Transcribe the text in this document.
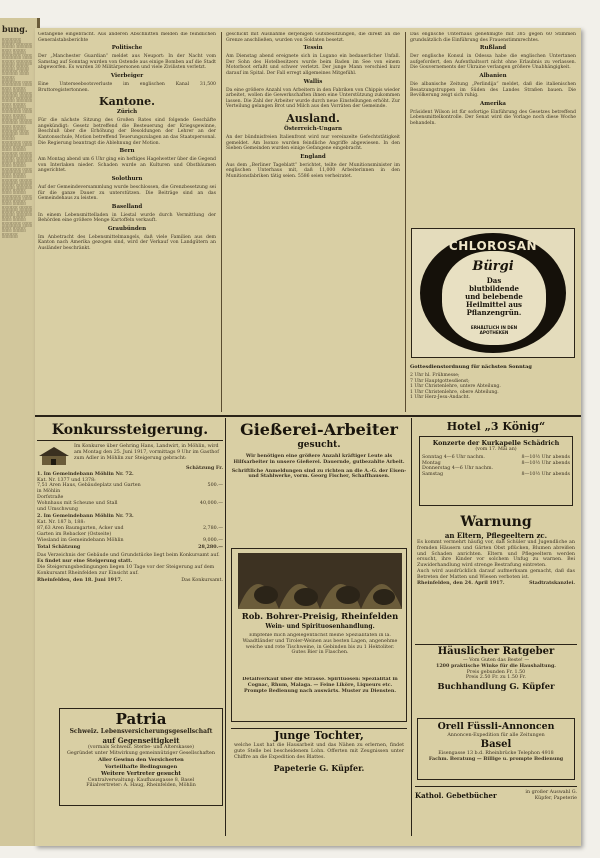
bung.
░░░░░░ ░░░░ ░░░░░ ░░░ ░░░░ ░░░░░░ ░░░ ░░░░ ░░░░░ ░░░░ ░░░░ ░░░░░ ░░░ ░░░░ ░░░░░░ ░░░ ░░░ ░░░░ ░░░░░ ░░░░ ░░░░ ░░░░░ ░░░ ░░░░ ░░░░░░ ░░░ ░░░ ░░░░ ░░░░░ ░░░░ ░░░ ░░░░ ░░░░░ ░░░ ░░░░ ░░░░░░ ░░░ ░░░ ░░░░ ░░░░░ ░░░░ ░░░░ ░░░░░ ░░░ ░░░░ ░░░░░░ ░░░ ░░░ ░░░░ ░░░░░ ░░░░ ░░░░ ░░░░░ ░░░ ░░░░ ░░░░░░ ░░░ ░░░ ░░░░ ░░░░░ ░░░░ ░░░░ ░░░░░ ░░░ ░░░░ ░░░░░░ ░░░ ░░░ ░░░░ ░░░░░

Gefangene eingebracht. Aus anderen Abschnitten melden die feindlichen Generalstabsberichte

Politische

Der „Manchester Guardian“ meldet aus Neuport: In der Nacht vom Samstag auf Sonntag wurden von Ostende aus einige Bomben auf die Stadt abgeworfen. Es wurden 30 Militärpersonen und viele Zivilisten verletzt.

Vierbeiger

Eine Unterseebootsverluste im englischen Kanal 31,500 Bruttoregistertonnen.

Kantone.
Zürich

Für die nächste Sitzung des Großen Rates sind folgende Geschäfte angekündigt: Gesetz betreffend die Besteuerung der Kriegsgewinne, Beschluß über die Erhöhung der Besoldungen der Lehrer an der Kantonsschule, Motion betreffend Teuerungszulagen an das Staatspersonal. Die Regierung beantragt die Ablehnung der Motion.

Bern

Am Montag abend um 6 Uhr ging ein heftiges Hagelwetter über die Gegend von Interlaken nieder. Schaden wurde an Kulturen und Obstbäumen angerichtet.

Solothurn

Auf der Gemeindeversammlung wurde beschlossen, die Grenzbesetzung sei für die ganze Dauer zu unterstützen. Die Beiträge sind an das Gemeindehaus zu leisten.

Baselland

In einem Lebensmittelladen in Liestal wurde durch Vermittlung der Behörden eine größere Menge Kartoffeln verkauft.

Graubünden

Im Anbetracht des Lebensmittelmangels, daß viele Familien aus dem Kanton nach Amerika gezogen sind, wird der Verkauf von Landgütern an Ausländer beschränkt.

geschickt mit Ausnahme derjenigen Gutsbesitzungen, die direkt an die Grenze anschließen, wurden von Soldaten besetzt.

Tessin

Am Dienstag abend ereignete sich in Lugano ein bedauerlicher Unfall. Der Sohn des Hotelbesitzers wurde beim Baden im See von einem Motorboot erfaßt und schwer verletzt. Der junge Mann verschied kurz darauf im Spital. Der Fall erregt allgemeines Mitgefühl.

Wallis

Da eine größere Anzahl von Arbeitern in den Fabriken von Chippis wieder arbeitet, wollen die Gewerkschaften ihnen eine Unterstützung zukommen lassen. Die Zahl der Arbeiter wurde durch neue Einstellungen erhöht. Zur Verteilung gelangen Brot und Milch aus den Vorräten der Gemeinde.

Ausland.
Österreich-Ungarn

An der bündnisfreien Italienfront wird nur vereinzelte Gefechtstätigkeit gemeldet. Am Isonzo wurden feindliche Angriffe abgewiesen. In den Sieben Gemeinden wurden einige Gefangene eingebracht.

England

Aus dem „Berliner Tageblatt“ berichtet, teilte der Munitionsminister im englischen Unterhaus mit, daß 11,000 Arbeiterinnen in den Munitionsfabriken tätig seien. 5586 seien verheiratet.

Das englische Unterhaus genehmigte mit 385 gegen 60 Stimmen grundsätzlich die Einführung des Frauenstimmrechtes.

Rußland

Der englische Konsul in Odessa habe die englischen Untertanen aufgefordert, den Aufenthaltsort nicht ohne Erlaubnis zu verlassen. Die Gouvernements der Ukraine verlangen größere Unabhängigkeit.

Albanien

Die albanische Zeitung „Perlindija“ meldet, daß die italienischen Besatzungstruppen im Süden des Landes Straßen bauen. Die Bevölkerung zeigt sich ruhig.

Amerika

Präsident Wilson ist für sofortige Einführung des Gesetzes betreffend Lebensmittelkontrolle. Der Senat wird die Vorlage noch diese Woche behandeln.

CHLOROSAN
Bürgi
Das
blutbildende
und belebende
Heilmittel aus
Pflanzengrün.
ERHÄLTLICH IN DEN
APOTHEKEN
Gottesdienstordnung für nächsten Sonntag
2 Uhr hl. Frühmesse;
7 Uhr Hauptgottesdienst;
1 Uhr Christenlehre, untere Abteilung.
1 Uhr Christenlehre, obere Abteilung.
1 Uhr Herz-Jesu-Andacht.
Konkurssteigerung.
Im Konkurse über Gehring Hans, Landwirt, in Möhlin, wird am Montag den 25. Juni 1917, vormittags 9 Uhr im Gasthof zum Adler in Möhlin zur Steigerung gebracht:
Schätzung Fr.
1. Im Gemeindebann Möhlin Nr. 72.
Kat. Nr. 1377 und 1378:
7,51 Aren Haus, Gebäudeplatz und Garten	500.—
in Möhlin
Dorfstraße
Wohnhaus mit Scheune und Stall	40,000.—
und Umschwung
2. Im Gemeindebann Möhlin Nr. 73.
Kat. Nr. 187 b, 188:
87,63 Aren Baumgarten, Acker und	2,780.—
Garten im Rebacker (Ostseite)
Wiesland im Gemeindebann Möhlin	9,000.—
Total Schätzung	28,280.—
Das Verzeichnis der Gebäude und Grundstücke liegt beim Konkursamt auf.
Es findet nur eine Steigerung statt.
Die Steigerungsbedingungen liegen 10 Tage vor der Steigerung auf dem Konkursamt Rheinfelden zur Einsicht auf.
Rheinfelden, den 18. Juni 1917.	Das Konkursamt.
Patria
Schweiz. Lebensversicherungsgesellschaft
auf Gegenseitigkeit
(vormals Schweiz. Sterbe- und Alterskasse)
Gegründet unter Mitwirkung gemeinnütziger Gesellschaften
Aller Gewinn den Versicherten
Vorteilhafte Bedingungen
Weitere Vertreter gesucht
Centralverwaltung: Kaufhausgasse 8, Basel
Filialvertreter: A. Haug, Rheinfelden, Möhlin
Gießerei-Arbeiter
gesucht.
Wir benötigen eine größere Anzahl kräftiger Leute als Hilfsarbeiter in unsere Gießerei. Dauernde, gutbezahlte Arbeit.
Schriftliche Anmeldungen sind zu richten an die A.-G. der Eisen- und Stahlwerke, vorm. Georg Fischer, Schaffhausen.
Rob. Bohrer-Preisig, Rheinfelden
Wein- und Spirituosenhandlung.
Empfehle mich angelegentlichst meine Spezialitäten in la. Waadtländer und Tiroler-Weinen aus besten Lagen, angenehme weiche und rote Tischweine, in Gebinden bis zu 1 Hektoliter. Gutes Bier in Flaschen.
Detailverkauf über die Strasse. Spirituosen: Spezialität in Cognac, Rhum, Malaga. — Feine Liköre, Liqueurs etc. Prompte Bedienung nach auswärts. Muster zu Diensten.
Junge Tochter,
welche Lust hat die Hausarbeit und das Nähen zu erlernen, findet gute Stelle bei bescheidenem Lohn. Offerten mit Zeugnissen unter Chiffre an die Expedition des Blattes.
Papeterie G. Küpfer.
Hotel „3 König“
Konzerte der Kurkapelle Schädrich
(vom 17. Mai an)
Sonntag 4—6 Uhr nachm.	8—10½ Uhr abends
Montag	8—10½ Uhr abends
Donnerstag 4—6 Uhr nachm.
Samstag	8—10½ Uhr abends
Warnung
an Eltern, Pflegeeltern zc.
Es kommt vermehrt häufig vor, daß Schüler und Jugendliche an fremden Häusern und Gärten Obst pflücken, Blumen abreißen und Schaden anrichten. Eltern und Pflegeeltern werden ersucht, ihre Kinder vor solchem Unfug zu warnen. Bei Zuwiderhandlung wird strenge Bestrafung eintreten.
Auch wird ausdrücklich darauf aufmerksam gemacht, daß das Betreten der Matten und Wiesen verboten ist.
Rheinfelden, den 24. April 1917.	Stadtratskanzlei.
Häuslicher Ratgeber
— Vom Guten das Beste! —
1200 praktische Winke für die Haushaltung.
Preis gebunden Fr. 1.50
Preis 2.50 Fr. zu 1.50 Fr.
Buchhandlung G. Küpfer
Orell Füssli-Annoncen
Annoncen-Expedition für alle Zeitungen
Basel
Eisengasse 13 b.d. Rheinbrücke Telephon 4918
Fachm. Beratung — Billige u. prompte Bedienung
Kathol. Gebetbücher	in großer Auswahl G. Küpfer, Papeterie
